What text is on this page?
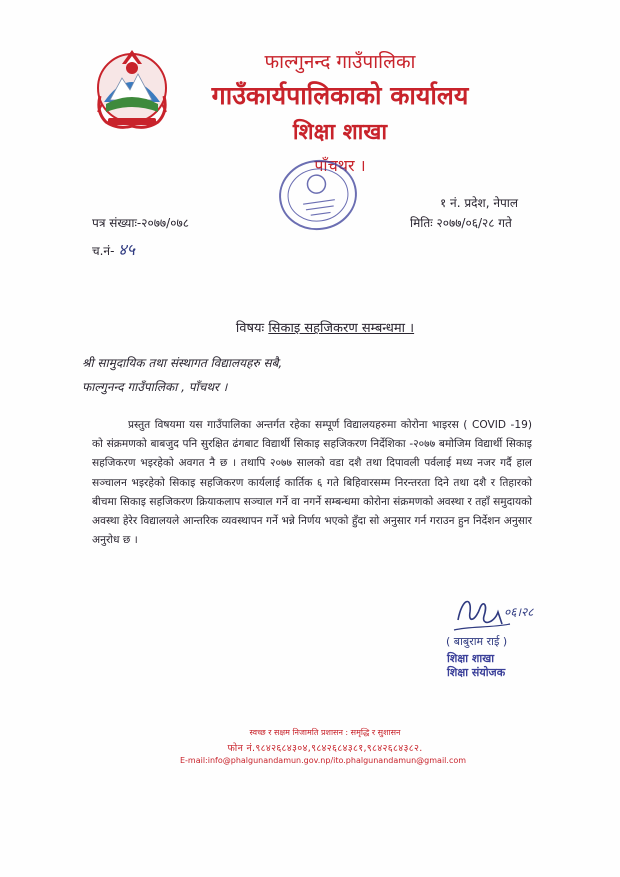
फाल्गुनन्द गाउँपालिका
गाउँकार्यपालिकाको कार्यालय
शिक्षा शाखा
पाँचथर ।
१ नं. प्रदेश, नेपाल
पत्र संख्याः-२०७७/०७८	मितिः २०७७/०६/२८ गते
च.नं- ४५
विषयः सिकाइ सहजिकरण सम्बन्धमा ।
श्री सामुदायिक तथा संस्थागत विद्यालयहरु सबै,
फाल्गुनन्द गाउँपालिका , पाँचथर ।
प्रस्तुत विषयमा यस गाउँपालिका अन्तर्गत रहेका सम्पूर्ण विद्यालयहरुमा कोरोना भाइरस ( COVID -19) को संक्रमणको बाबजुद पनि सुरक्षित ढंगबाट विद्यार्थी सिकाइ सहजिकरण निर्देशिका -२०७७ बमोजिम विद्यार्थी सिकाइ सहजिकरण भइरहेको अवगत नै छ । तथापि २०७७ सालको वडा दशै तथा दिपावली पर्वलाई मध्य नजर गर्दै हाल सञ्चालन भइरहेको सिकाइ सहजिकरण कार्यलाई कार्तिक ६ गते बिहिवारसम्म निरन्तरता दिने तथा दशै र तिहारको बीचमा सिकाइ सहजिकरण क्रियाकलाप सञ्चाल गर्ने वा नगर्ने सम्बन्धमा कोरोना संक्रमणको अवस्था र तहाँ समुदायको अवस्था हेरेर विद्यालयले आन्तरिक व्यवस्थापन गर्ने भन्ने निर्णय भएको हुँदा सो अनुसार गर्न गराउन हुन निर्देशन अनुसार अनुरोध छ ।
०६।२८
( बाबुराम राई )
शिक्षा शाखा
शिक्षा संयोजक
स्वच्छ र सक्षम निजामति प्रशासन : समृद्धि र सुशासन
फोन नं.९८४२६८४३०४,९८४२६८४३८१,९८४२६८४३८२.
E-mail:info@phalgunandamun.gov.np/ito.phalgunandamun@gmail.com
